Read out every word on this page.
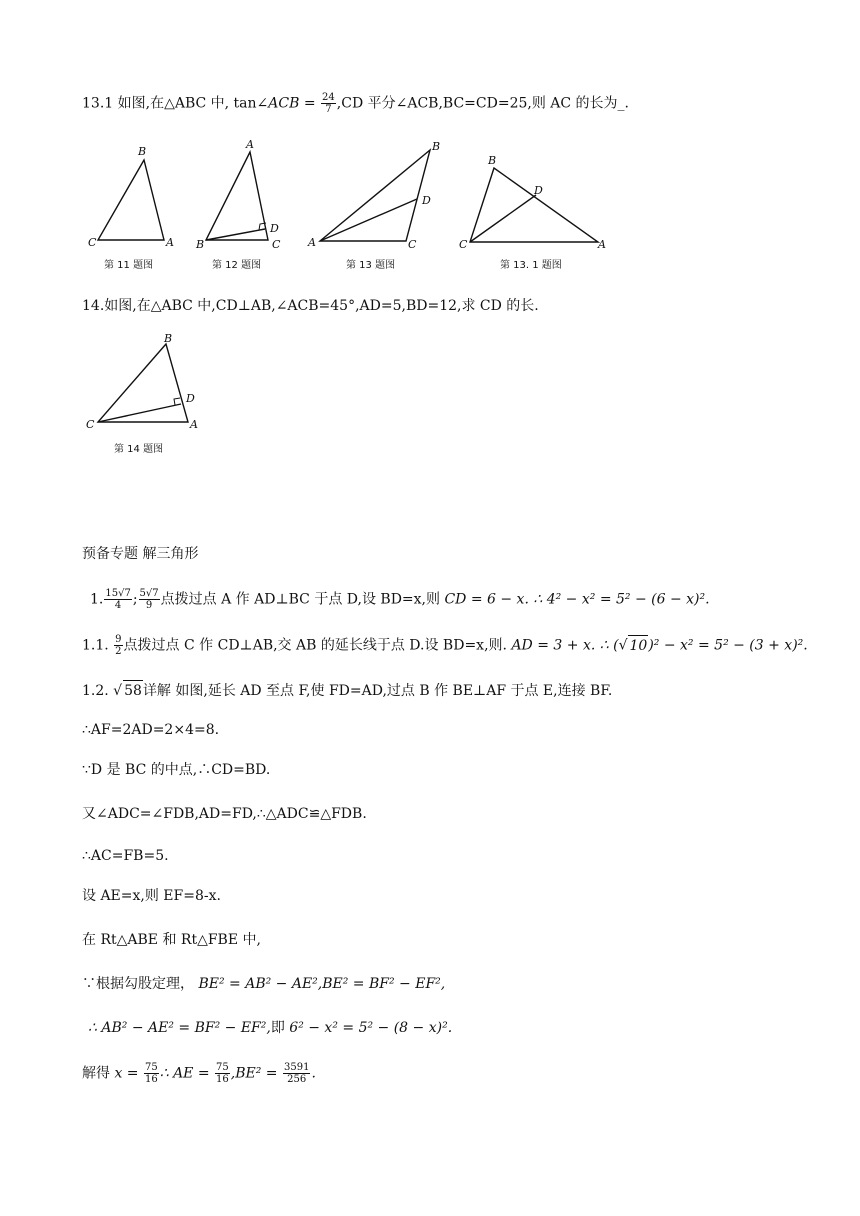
13.1 如图,在△ABC 中, tan∠ACB = $\frac{24}{7} ,CD$ 平分∠ACB,BC=CD=25,则 AC 的长为_.
B
C	A
第 11 题图
A
B
D
C
第 12 题图
B
D
A	C
第 13 题图
B
D
C	A
第 13. 1 题图
14.如图,在△ABC 中,CD⊥AB,∠ACB=45°,AD=5,BD=12,求 CD 的长.
B
D
C	A
第 14 题图
预备专题 解三角形
1. $\frac{15√7}{4}$ ; $\frac{5√7}{9}$ 点拨过点 A 作 AD⊥BC 于点 D,设 BD=x,则 CD = 6 − x. ∴ 4² − x² = 5² − (6 − x)².
1.1. $\frac{9}{2}$ 点拨过点 C 作 CD⊥AB,交 AB 的延长线于点 D.设 BD=x,则. AD = 3 + x. ∴ (√ 10)² − x² = 5² − (3 + x)².
1.2. √ 58详解 如图,延长 AD 至点 F,使 FD=AD,过点 B 作 BE⊥AF 于点 E,连接 BF.
∴AF=2AD=2×4=8.
∵D 是 BC 的中点,∴CD=BD.
又∠ADC=∠FDB,AD=FD,∴△ADC≌△FDB.
∴AC=FB=5.
设 AE=x,则 EF=8-x.
在 Rt△ABE 和 Rt△FBE 中,
∵根据勾股定理， BE² = AB² − AE²,BE² = BF² − EF²,
∴ AB² − AE² = BF² − EF²,即 6² − x² = 5² − (8 − x)².
解得 $x = \frac{75}{16}$ ∴ AE = $\frac{75}{16} ,BE^2 = \frac{3591}{256}$ .
